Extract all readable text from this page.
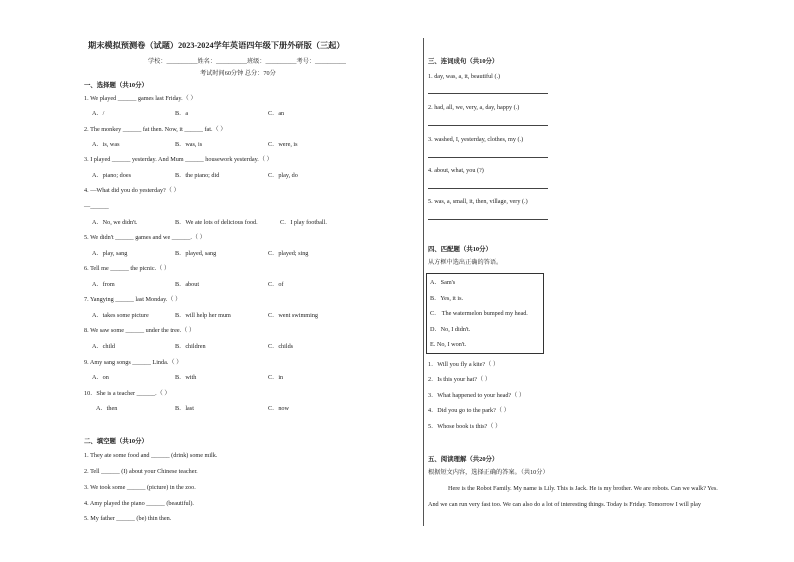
期末模拟预测卷（试题）2023-2024学年英语四年级下册外研版（三起）
学校：__________姓名：__________班级：__________考号：__________
考试时间60分钟 总分：70分
一、选择题（共10分）
1. We played ______ games last Friday.（ ）
A．/	B．a	C．an
2. The monkey ______ fat then. Now, it ______ fat.（ ）
A．is, was	B．was, is	C．were, is
3. I played ______ yesterday. And Mum ______ housework yesterday.（ ）
A．piano; does	B．the piano; did	C．play, do
4. —What did you do yesterday?（ ）
—______
A．No, we didn't.	B．We ate lots of delicious food.	C．I play football.
5. We didn't ______ games and we ______.（ ）
A．play, sang	B．played, sang	C．played; sing
6. Tell me ______ the picnic.（ ）
A．from	B．about	C．of
7. Yangying ______ last Monday.（ ）
A．takes some picture	B．will help her mum	C．went swimming
8. We saw some ______ under the tree.（ ）
A．child	B．children	C．childs
9. Amy sang songs ______ Linda.（ ）
A．on	B．with	C．in
10．She is a teacher ______.（ ）
A．then	B．last	C．now
二、填空题（共10分）
1. They ate some food and ______ (drink) some milk.
2. Tell ______ (I) about your Chinese teacher.
3. We took some ______ (picture) in the zoo.
4. Amy played the piano ______ (beautiful).
5. My father ______ (be) thin then.
三、连词成句（共10分）
1. day, was, a, it, beautiful (.)
2. had, all, we, very, a, day, happy (.)
3. washed, I, yesterday, clothes, my (.)
4. about, what, you (?)
5. was, a, small, it, then, village, very (.)
四、匹配题（共10分）
从方框中选出正确的答语。
A．Sam's
B．Yes, it is.
C． The watermelon bumped my head.
D．No, I didn't.
E. No, I won't.
1．Will you fly a kite?（ ）
2．Is this your hat?（ ）
3．What happened to your head?（ ）
4．Did you go to the park?（ ）
5．Whose book is this?（ ）
五、阅读理解（共20分）
根据短文内容，选择正确的答案。（共10分）
Here is the Robot Family. My name is Lily. This is Jack. He is my brother. We are robots. Can we walk? Yes.
And we can run very fast too. We can also do a lot of interesting things. Today is Friday. Tomorrow I will play
